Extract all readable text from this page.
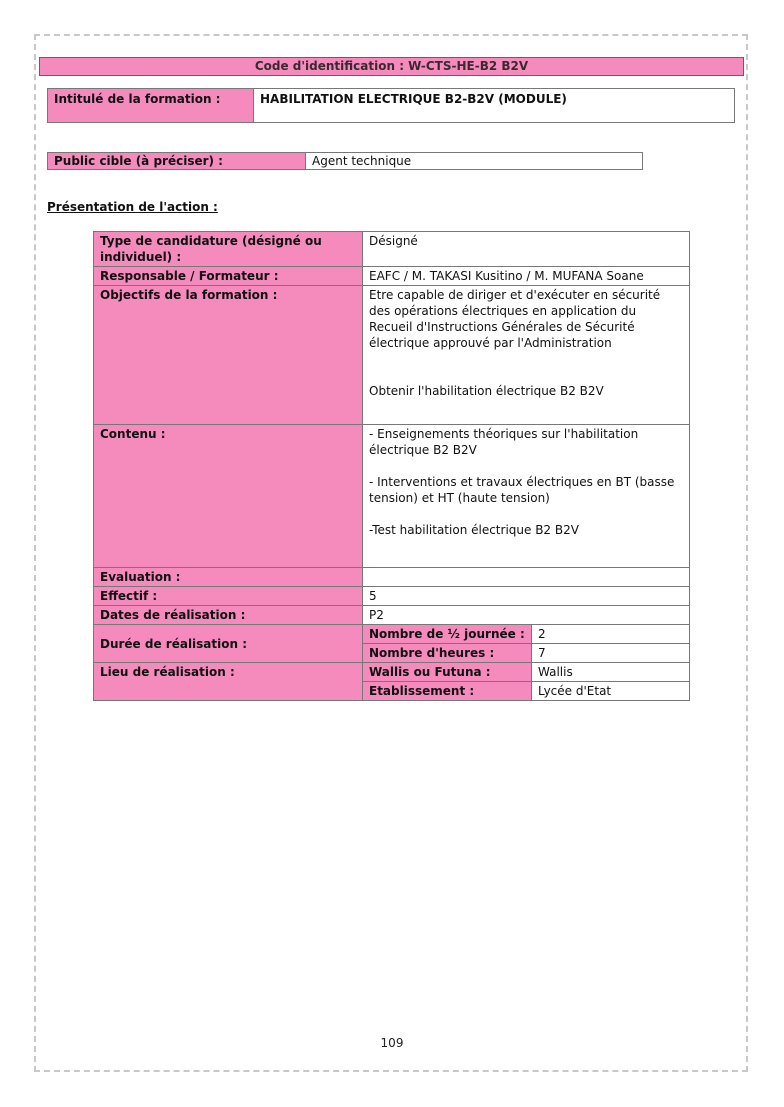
Code d'identification : W-CTS-HE-B2 B2V
Intitulé de la formation :	HABILITATION ELECTRIQUE B2-B2V (MODULE)
Public cible (à préciser) :	Agent technique
Présentation de l'action :
Type de candidature (désigné ou individuel) :	Désigné	
Responsable / Formateur :	EAFC / M. TAKASI Kusitino / M. MUFANA Soane	
Objectifs de la formation :	Etre capable de diriger et d'exécuter en sécurité des opérations électriques en application du Recueil d'Instructions Générales de Sécurité électrique approuvé par l'Administration
Obtenir l'habilitation électrique B2 B2V	

Contenu :	- Enseignements théoriques sur l'habilitation électrique B2 B2V
- Interventions et travaux électriques en BT (basse tension) et HT (haute tension)
-Test habilitation électrique B2 B2V	

Evaluation :		
Effectif :	5	
Dates de réalisation :	P2	
Durée de réalisation :	Nombre de ½ journée :	2
	Nombre d'heures :	7
Lieu de réalisation :	Wallis ou Futuna :	Wallis
	Etablissement :	Lycée d'Etat
109
